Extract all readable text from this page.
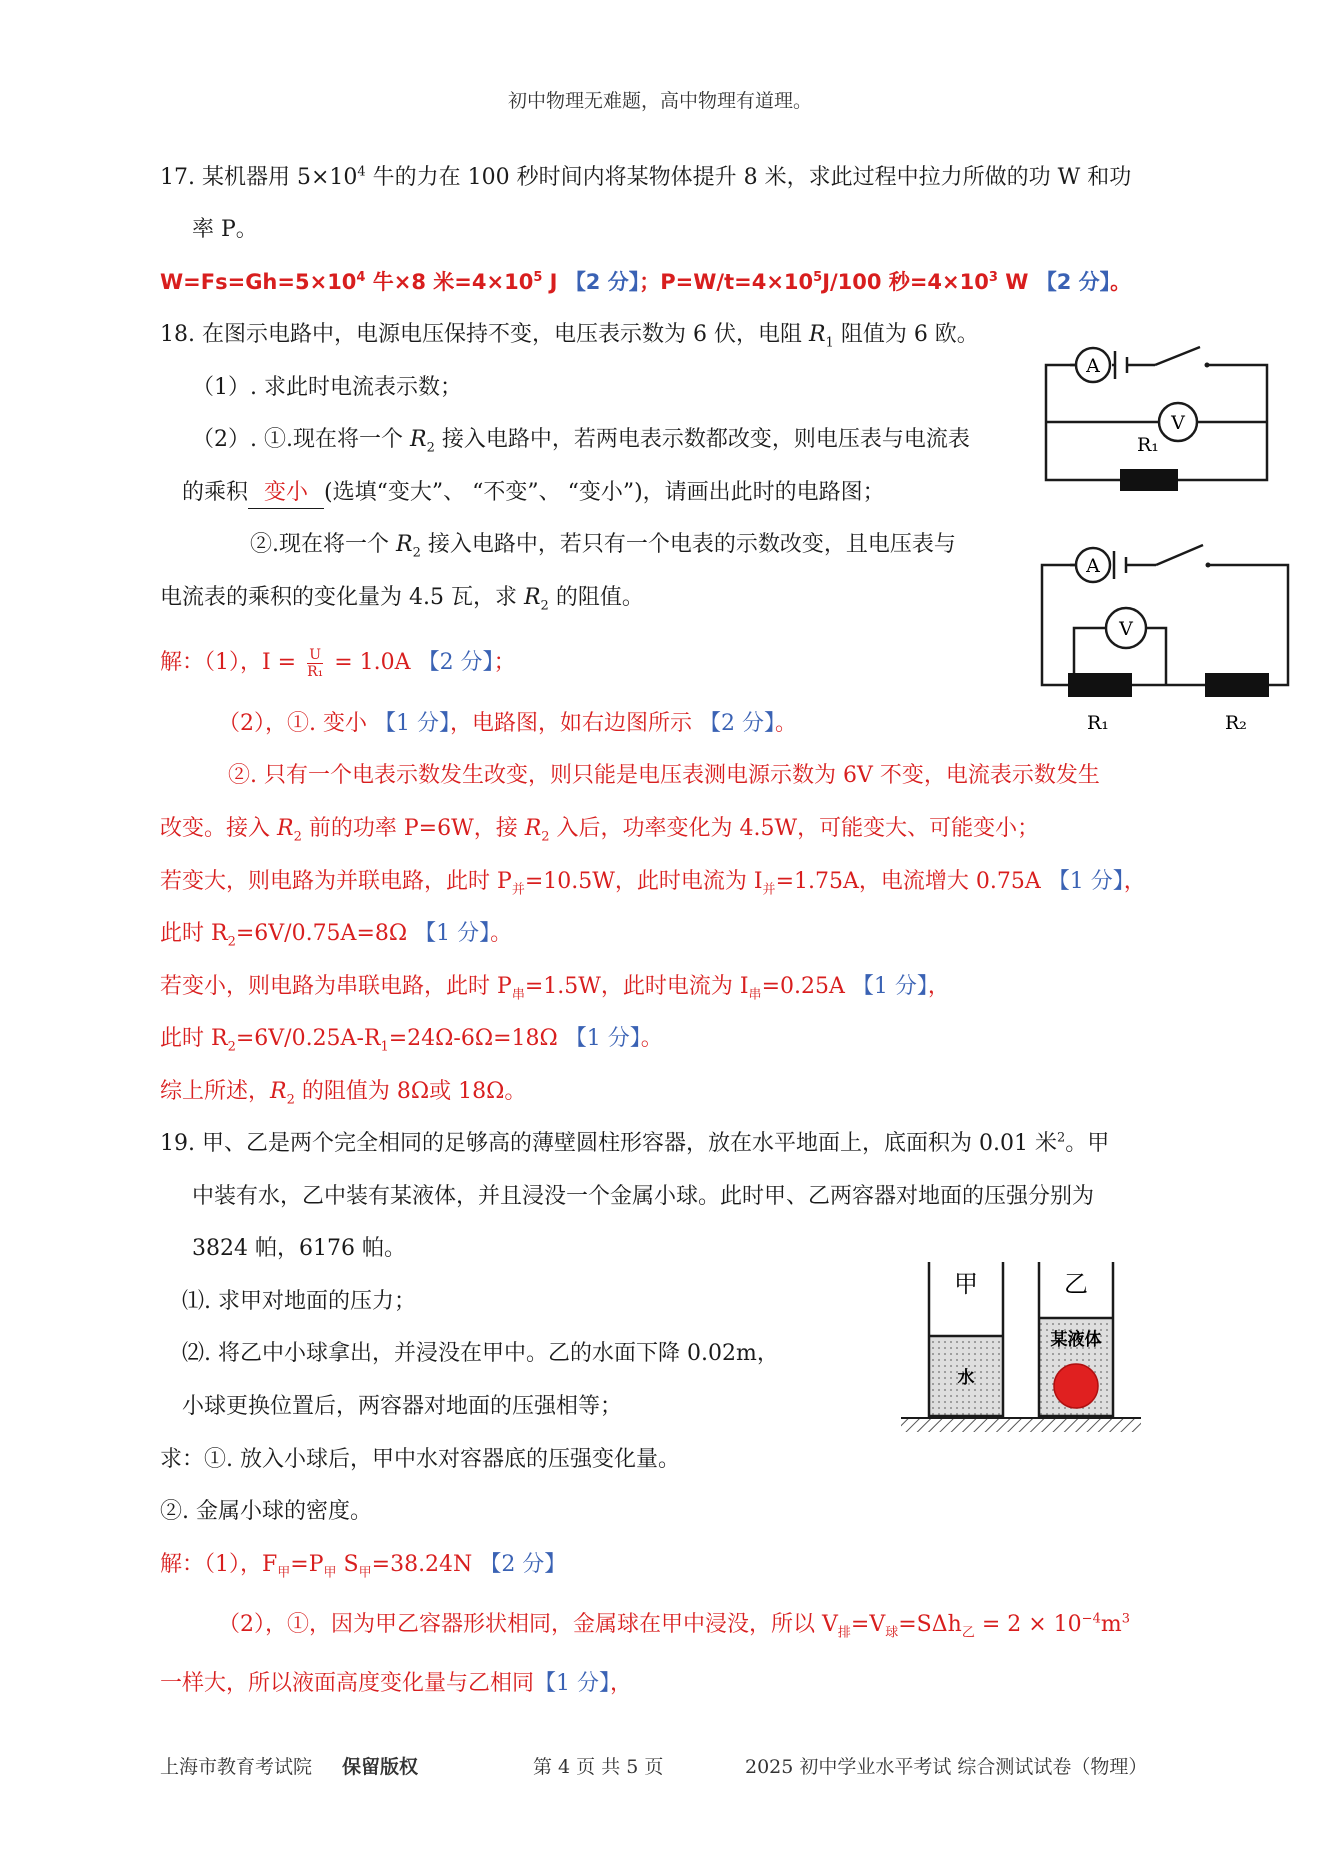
初中物理无难题，高中物理有道理。
17. 某机器用 $5\times 10^4$ 牛的力在 100 秒时间内将某物体提升 8 米，求此过程中拉力所做的功 W 和功
率 P。
$W=Fs=Gh=5\times 10^4$ 牛×8 米$=4\times 10^5$ J 【2 分】；$P=W/t=4\times 10^5J/100$ 秒$=4\times 10^3$ W 【2 分】。
18. 在图示电路中，电源电压保持不变，电压表示数为 6 伏，电阻 $R_1$ 阻值为 6 欧。
（1）. 求此时电流表示数；
（2）. ①.现在将一个 $R_2$ 接入电路中，若两电表示数都改变，则电压表与电流表
的乘积 变小 (选填“变大”、 “不变”、 “变小”)，请画出此时的电路图；
②.现在将一个 $R_2$ 接入电路中，若只有一个电表的示数改变，且电压表与
电流表的乘积的变化量为 4.5 瓦，求 $R_2$ 的阻值。
解：（1），$I = \frac{U}{\text{R₁}} = 1.0A$ 【2 分】；
（2），①. 变小 【1 分】，电路图，如右边图所示 【2 分】。
②. 只有一个电表示数发生改变，则只能是电压表测电源示数为 6V 不变，电流表示数发生
改变。接入 $R_2$ 前的功率 P=6W，接 $R_2$ 入后，功率变化为 4.5W，可能变大、可能变小；
若变大，则电路为并联电路，此时 $P_并=10.5W$，此时电流为 $I_并=1.75A$，电流增大 0.75A 【1 分】，
此时 $R_2=6V/0.75A=8\Omega$ 【1 分】。
若变小，则电路为串联电路，此时 $P_串=1.5W$，此时电流为 $I_串=0.25A$ 【1 分】，
此时 $R_2=6V/0.25A-R_1=24\Omega-6\Omega=18\Omega$ 【1 分】。
综上所述，$R_2$ 的阻值为 8Ω或 18Ω。
A
V
R₁
A
V
R₁	R₂
19. 甲、乙是两个完全相同的足够高的薄壁圆柱形容器，放在水平地面上，底面积为 0.01 米$^2$。甲
中装有水，乙中装有某液体，并且浸没一个金属小球。此时甲、乙两容器对地面的压强分别为
3824 帕，6176 帕。
⑴. 求甲对地面的压力；
⑵. 将乙中小球拿出，并浸没在甲中。乙的水面下降 0.02m，
小球更换位置后，两容器对地面的压强相等；
求：①. 放入小球后，甲中水对容器底的压强变化量。
②. 金属小球的密度。
解：（1），$F_甲=P_甲$ $S_甲=38.24N$ 【2 分】
（2），①，因为甲乙容器形状相同，金属球在甲中浸没，所以 $V_排=V_球=S\Delta h_乙 = 2 \times 10^{-4}m^3$
一样大，所以液面高度变化量与乙相同【1 分】，
甲	乙
水
某液体
上海市教育考试院 保留版权	第 4 页 共 5 页	2025 初中学业水平考试 综合测试试卷（物理）
